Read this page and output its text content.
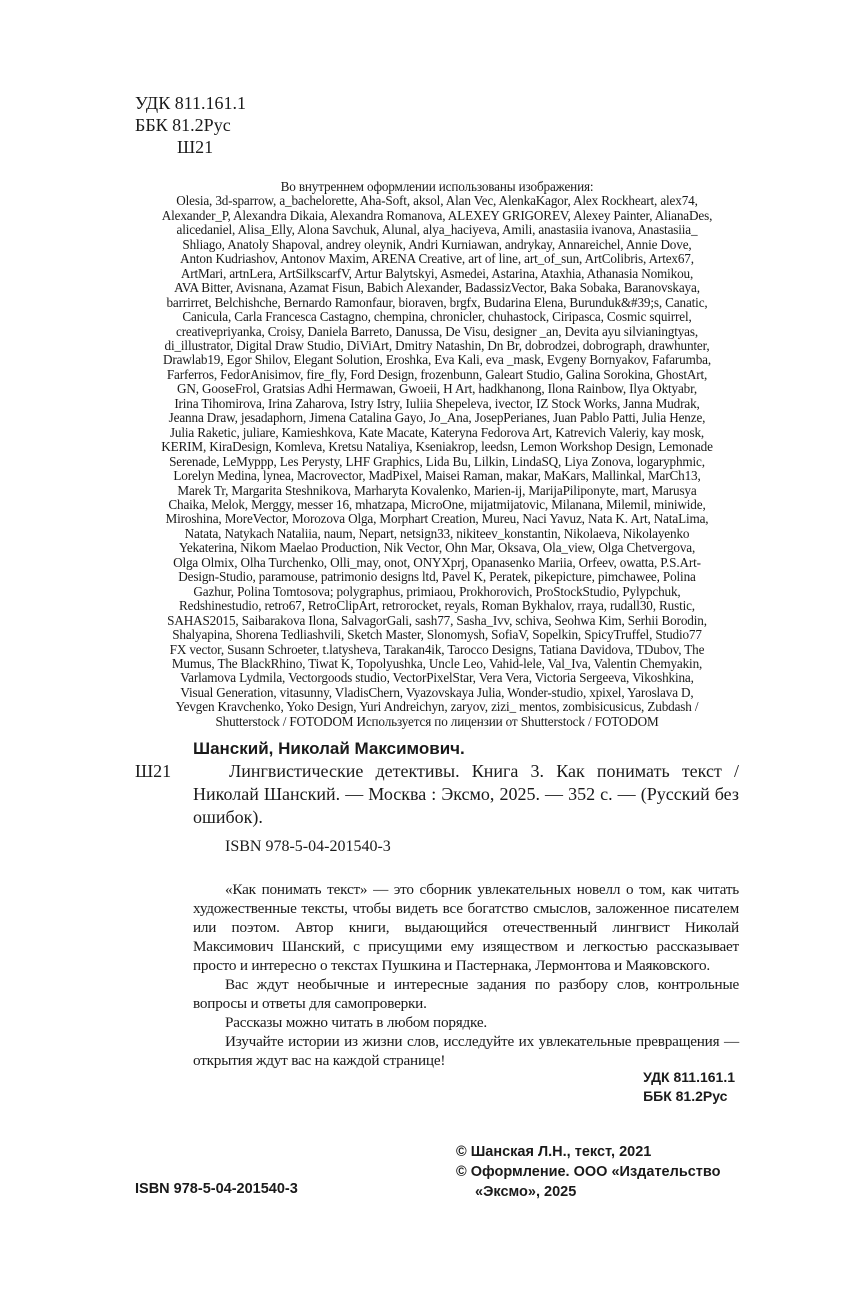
УДК 811.161.1
ББК 81.2Рус
Ш21
Во внутреннем оформлении использованы изображения:
Olesia, 3d-sparrow, a_bachelorette, Aha-Soft, aksol, Alan Vec, AlenkaKagor, Alex Rockheart, alex74,
Alexander_P, Alexandra Dikaia, Alexandra Romanova, ALEXEY GRIGOREV, Alexey Painter, AlianaDes,
alicedaniel, Alisa_Elly, Alona Savchuk, Alunal, alya_haciyeva, Amili, anastasiia ivanova, Anastasiia_
Shliago, Anatoly Shapoval, andrey oleynik, Andri Kurniawan, andrykay, Annareichel, Annie Dove,
Anton Kudriashov, Antonov Maxim, ARENA Creative, art of line, art_of_sun, ArtColibris, Artex67,
ArtMari, artnLera, ArtSilkscarfV, Artur Balytskyi, Asmedei, Astarina, Ataxhia, Athanasia Nomikou,
AVA Bitter, Avisnana, Azamat Fisun, Babich Alexander, BadassizVector, Baka Sobaka, Baranovskaya,
barrirret, Belchishche, Bernardo Ramonfaur, bioraven, brgfx, Budarina Elena, Burunduk&#39;s, Canatic,
Canicula, Carla Francesca Castagno, chempina, chronicler, chuhastock, Ciripasca, Cosmic squirrel,
creativepriyanka, Croisy, Daniela Barreto, Danussa, De Visu, designer _an, Devita ayu silvianingtyas,
di_illustrator, Digital Draw Studio, DiViArt, Dmitry Natashin, Dn Br, dobrodzei, dobrograph, drawhunter,
Drawlab19, Egor Shilov, Elegant Solution, Eroshka, Eva Kali, eva _mask, Evgeny Bornyakov, Fafarumba,
Farferros, FedorAnisimov, fire_fly, Ford Design, frozenbunn, Galeart Studio, Galina Sorokina, GhostArt,
GN, GooseFrol, Gratsias Adhi Hermawan, Gwoeii, H Art, hadkhanong, Ilona Rainbow, Ilya Oktyabr,
Irina Tihomirova, Irina Zaharova, Istry Istry, Iuliia Shepeleva, ivector, IZ Stock Works, Janna Mudrak,
Jeanna Draw, jesadaphorn, Jimena Catalina Gayo, Jo_Ana, JosepPerianes, Juan Pablo Patti, Julia Henze,
Julia Raketic, juliare, Kamieshkova, Kate Macate, Kateryna Fedorova Art, Katrevich Valeriy, kay mosk,
KERIM, KiraDesign, Komleva, Kretsu Nataliya, Kseniakrop, leedsn, Lemon Workshop Design, Lemonade
Serenade, LeMyppp, Les Perysty, LHF Graphics, Lida Bu, Lilkin, LindaSQ, Liya Zonova, logaryphmic,
Lorelyn Medina, lynea, Macrovector, MadPixel, Maisei Raman, makar, MaKars, Mallinkal, MarCh13,
Marek Tr, Margarita Steshnikova, Marharyta Kovalenko, Marien-ij, MarijaPiliponyte, mart, Marusya
Chaika, Melok, Merggy, messer 16, mhatzapa, MicroOne, mijatmijatovic, Milanana, Milemil, miniwide,
Miroshina, MoreVector, Morozova Olga, Morphart Creation, Mureu, Naci Yavuz, Nata K. Art, NataLima,
Natata, Natykach Nataliia, naum, Nepart, netsign33, nikiteev_konstantin, Nikolaeva, Nikolayenko
Yekaterina, Nikom Maelao Production, Nik Vector, Ohn Mar, Oksava, Ola_view, Olga Chetvergova,
Olga Olmix, Olha Turchenko, Olli_may, onot, ONYXprj, Opanasenko Mariia, Orfeev, owatta, P.S.Art-
Design-Studio, paramouse, patrimonio designs ltd, Pavel K, Peratek, pikepicture, pimchawee, Polina
Gazhur, Polina Tomtosova; polygraphus, primiaou, Prokhorovich, ProStockStudio, Pylypchuk,
Redshinestudio, retro67, RetroClipArt, retrorocket, reyals, Roman Bykhalov, rraya, rudall30, Rustic,
SAHAS2015, Saibarakova Ilona, SalvagorGali, sash77, Sasha_Ivv, schiva, Seohwa Kim, Serhii Borodin,
Shalyapina, Shorena Tedliashvili, Sketch Master, Slonomysh, SofiaV, Sopelkin, SpicyTruffel, Studio77
FX vector, Susann Schroeter, t.latysheva, Tarakan4ik, Tarocco Designs, Tatiana Davidova, TDubov, The
Mumus, The BlackRhino, Tiwat K, Topolyushka, Uncle Leo, Vahid-lele, Val_Iva, Valentin Chemyakin,
Varlamova Lydmila, Vectorgoods studio, VectorPixelStar, Vera Vera, Victoria Sergeeva, Vikoshkina,
Visual Generation, vitasunny, VladisChern, Vyazovskaya Julia, Wonder-studio, xpixel, Yaroslava D,
Yevgen Kravchenko, Yoko Design, Yuri Andreichyn, zaryov, zizi_ mentos, zombisicusicus, Zubdash /
Shutterstock / FOTODOM Используется по лицензии от Shutterstock / FOTODOM
Шанский, Николай Максимович.
Ш21	Лингвистические детективы. Книга 3. Как понимать текст / Николай Шанский. — Москва : Эксмо, 2025. — 352 с. — (Русский без ошибок).
ISBN 978-5-04-201540-3

«Как понимать текст» — это сборник увлекательных новелл о том, как читать художественные тексты, чтобы видеть все богатство смыслов, заложенное писателем или поэтом. Автор книги, выдающийся отечественный лингвист Николай Максимович Шанский, с присущими ему изяществом и легкостью рассказывает просто и интересно о текстах Пушкина и Пастернака, Лермонтова и Маяковского.

Вас ждут необычные и интересные задания по разбору слов, контрольные вопросы и ответы для самопроверки.

Рассказы можно читать в любом порядке.

Изучайте истории из жизни слов, исследуйте их увлекательные превращения — открытия ждут вас на каждой странице!

УДК 811.161.1
ББК 81.2Рус
© Шанская Л.Н., текст, 2021
© Оформление. ООО «Издательство
«Эксмо», 2025
ISBN 978-5-04-201540-3
